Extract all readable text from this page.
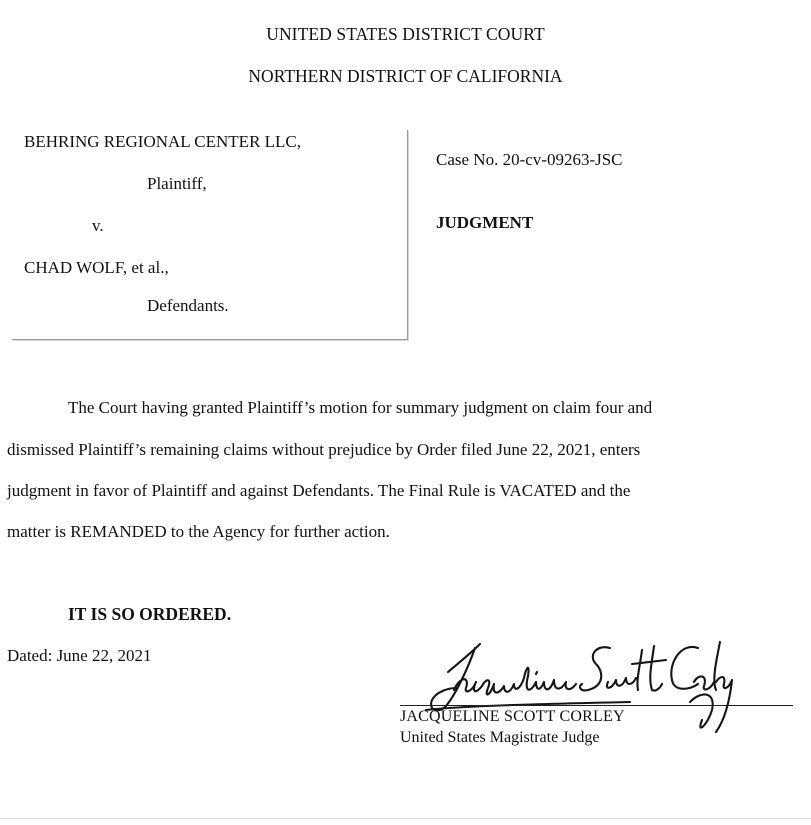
UNITED STATES DISTRICT COURT
NORTHERN DISTRICT OF CALIFORNIA
BEHRING REGIONAL CENTER LLC,
Plaintiff,
v.
CHAD WOLF, et al.,
Defendants.
Case No. 20-cv-09263-JSC
JUDGMENT
The Court having granted Plaintiff’s motion for summary judgment on claim four and
dismissed Plaintiff’s remaining claims without prejudice by Order filed June 22, 2021, enters
judgment in favor of Plaintiff and against Defendants. The Final Rule is VACATED and the
matter is REMANDED to the Agency for further action.
IT IS SO ORDERED.
Dated: June 22, 2021
JACQUELINE SCOTT CORLEY
United States Magistrate Judge
